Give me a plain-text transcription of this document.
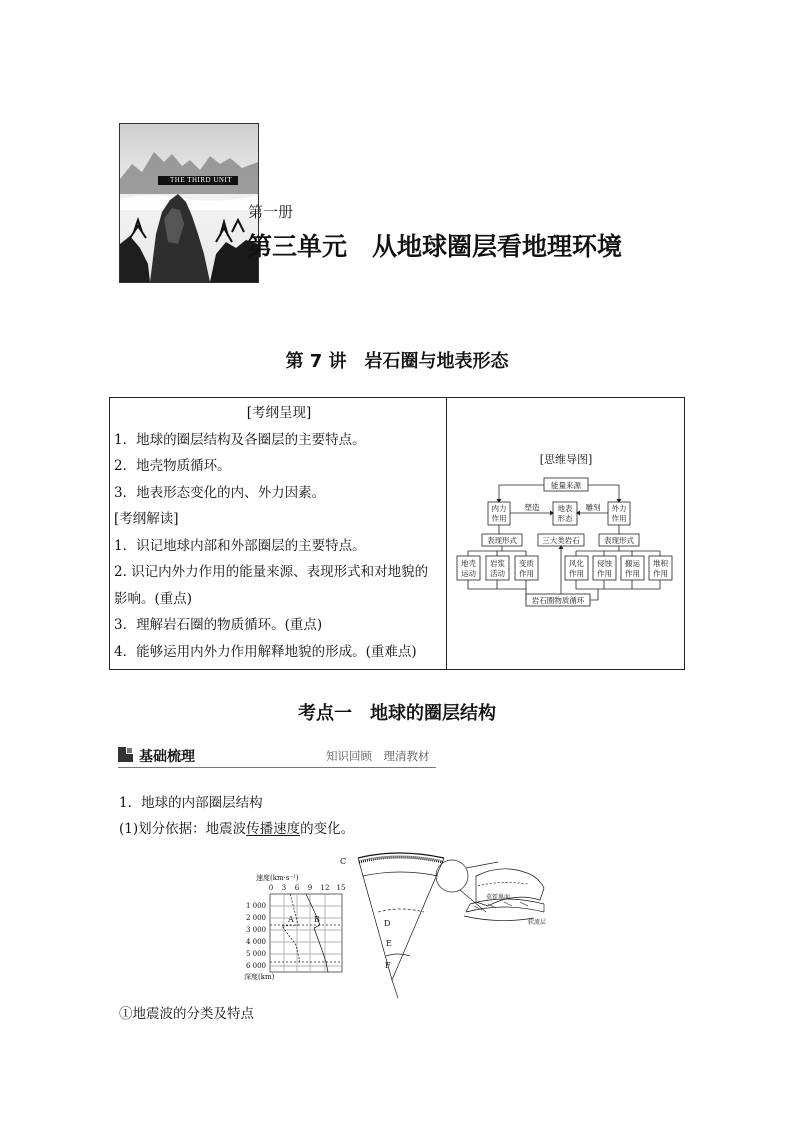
THE THIRD UNIT
第一册
第三单元　从地球圈层看地理环境
第 7 讲　岩石圈与地表形态
[考纲呈现]
1．地球的圈层结构及各圈层的主要特点。
2．地壳物质循环。
3．地表形态变化的内、外力因素。
[考纲解读]
1．识记地球内部和外部圈层的主要特点。
2. 识记内外力作用的能量来源、表现形式和对地貌的
影响。(重点)
3．理解岩石圈的物质循环。(重点)
4．能够运用内外力作用解释地貌的形成。(重难点)
[思维导图]
能量来源
内力
作用
地表
形态
外力
作用
塑造	雕刻
表现形式	三大类岩石	表现形式
地壳
运动
岩浆
活动
变质
作用
风化
作用
侵蚀
作用
搬运
作用
堆积
作用
岩石圈物质循环
考点一　地球的圈层结构
基础梳理	知识回顾　理清教材
1．地球的内部圈层结构
(1)划分依据：地震波传播速度的变化。
速度(km·s⁻¹)
0 3 6 9 12 15
1 000
2 000
3 000
4 000
5 000
6 000
深度(km)
A	B
C
D
E
F
莫霍界面
软流层
①地震波的分类及特点
